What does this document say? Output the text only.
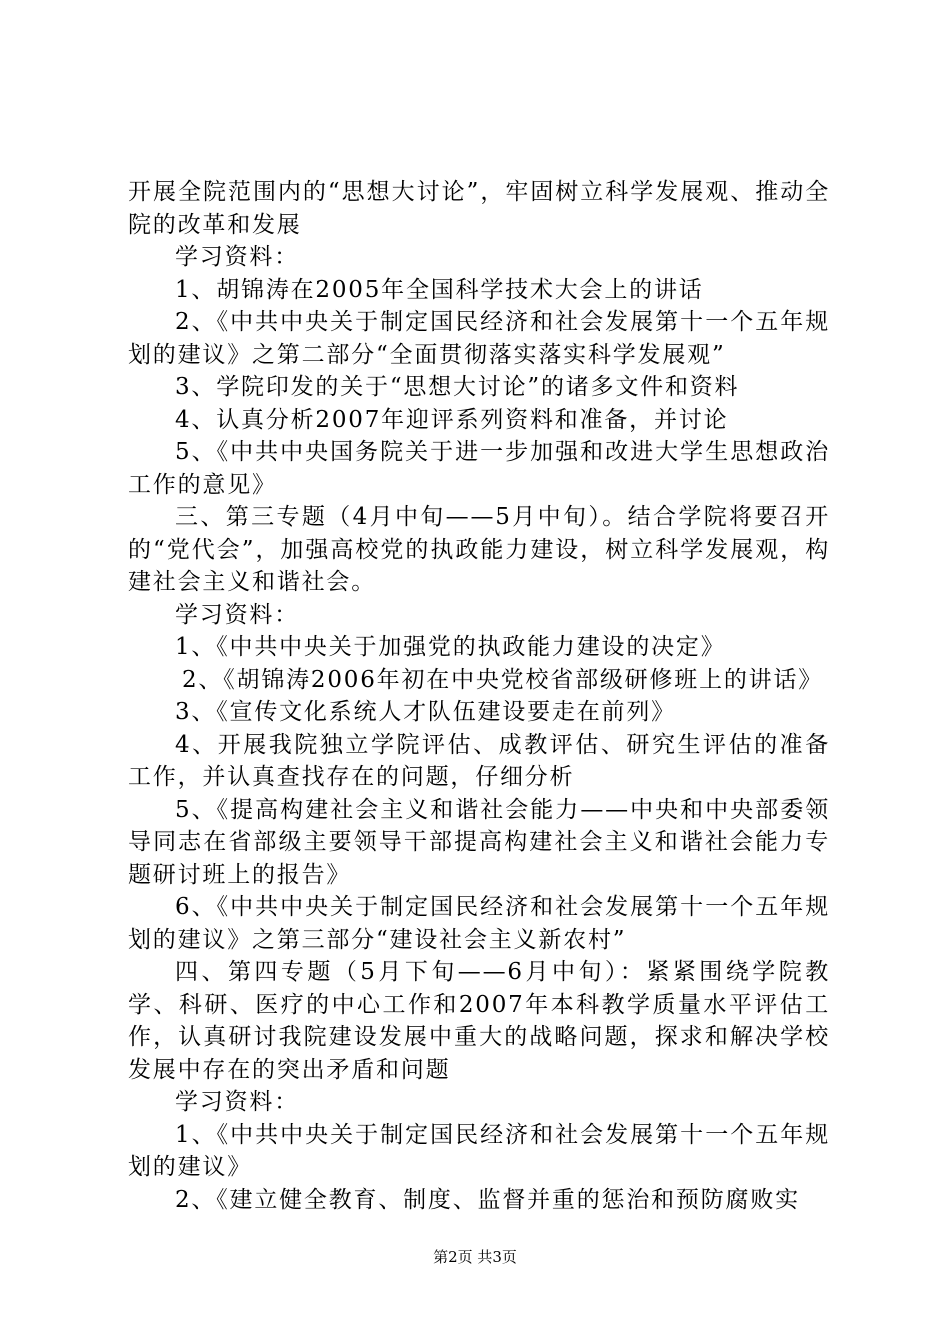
开展全院范围内的“思想大讨论”，牢固树立科学发展观、推动全院的改革和发展

学习资料：

1、胡锦涛在2005年全国科学技术大会上的讲话

2、《中共中央关于制定国民经济和社会发展第十一个五年规划的建议》之第二部分“全面贯彻落实落实科学发展观”

3、学院印发的关于“思想大讨论”的诸多文件和资料

4、认真分析2007年迎评系列资料和准备，并讨论

5、《中共中央国务院关于进一步加强和改进大学生思想政治工作的意见》

三、第三专题（4月中旬——5月中旬）。结合学院将要召开的“党代会”，加强高校党的执政能力建设，树立科学发展观，构建社会主义和谐社会。

学习资料：

1、《中共中央关于加强党的执政能力建设的决定》

2、《胡锦涛2006年初在中央党校省部级研修班上的讲话》

3、《宣传文化系统人才队伍建设要走在前列》

4、开展我院独立学院评估、成教评估、研究生评估的准备工作，并认真查找存在的问题，仔细分析

5、《提高构建社会主义和谐社会能力——中央和中央部委领导同志在省部级主要领导干部提高构建社会主义和谐社会能力专题研讨班上的报告》

6、《中共中央关于制定国民经济和社会发展第十一个五年规划的建议》之第三部分“建设社会主义新农村”

四、第四专题（5月下旬——6月中旬）：紧紧围绕学院教学、科研、医疗的中心工作和2007年本科教学质量水平评估工作，认真研讨我院建设发展中重大的战略问题，探求和解决学校发展中存在的突出矛盾和问题

学习资料：

1、《中共中央关于制定国民经济和社会发展第十一个五年规划的建议》

2、《建立健全教育、制度、监督并重的惩治和预防腐败实

第2页 共3页
